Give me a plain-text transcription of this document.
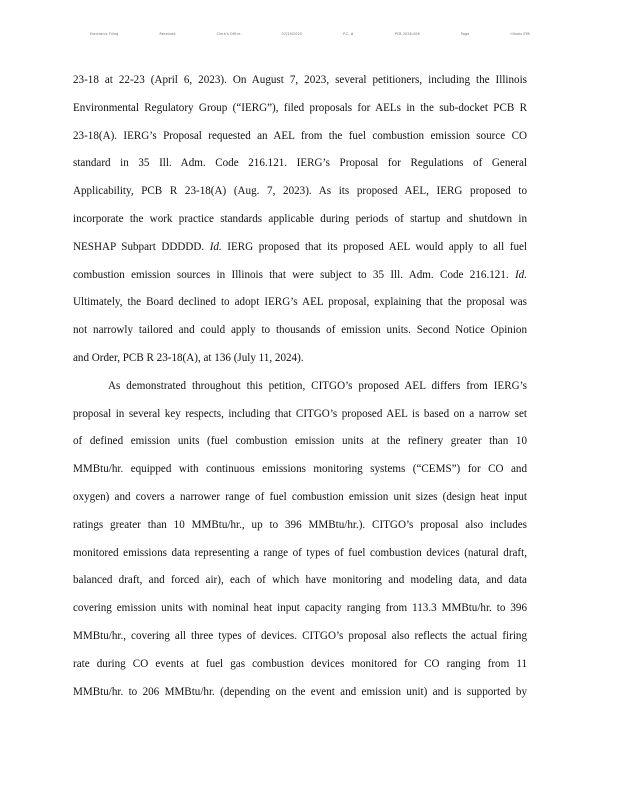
Electronic Filing	Received	Clerk's Office	07/29/2025	P.C. #	PCB 2026-006	Page	Illinois EPA
23-18 at 22-23 (April 6, 2023). On August 7, 2023, several petitioners, including the Illinois
Environmental Regulatory Group (“IERG”), filed proposals for AELs in the sub-docket PCB R
23-18(A). IERG’s Proposal requested an AEL from the fuel combustion emission source CO
standard in 35 Ill. Adm. Code 216.121. IERG’s Proposal for Regulations of General
Applicability, PCB R 23-18(A) (Aug. 7, 2023). As its proposed AEL, IERG proposed to
incorporate the work practice standards applicable during periods of startup and shutdown in
NESHAP Subpart DDDDD. Id. IERG proposed that its proposed AEL would apply to all fuel
combustion emission sources in Illinois that were subject to 35 Ill. Adm. Code 216.121. Id.
Ultimately, the Board declined to adopt IERG’s AEL proposal, explaining that the proposal was
not narrowly tailored and could apply to thousands of emission units. Second Notice Opinion
and Order, PCB R 23-18(A), at 136 (July 11, 2024).
As demonstrated throughout this petition, CITGO’s proposed AEL differs from IERG’s
proposal in several key respects, including that CITGO’s proposed AEL is based on a narrow set
of defined emission units (fuel combustion emission units at the refinery greater than 10
MMBtu/hr. equipped with continuous emissions monitoring systems (“CEMS”) for CO and
oxygen) and covers a narrower range of fuel combustion emission unit sizes (design heat input
ratings greater than 10 MMBtu/hr., up to 396 MMBtu/hr.). CITGO’s proposal also includes
monitored emissions data representing a range of types of fuel combustion devices (natural draft,
balanced draft, and forced air), each of which have monitoring and modeling data, and data
covering emission units with nominal heat input capacity ranging from 113.3 MMBtu/hr. to 396
MMBtu/hr., covering all three types of devices. CITGO’s proposal also reflects the actual firing
rate during CO events at fuel gas combustion devices monitored for CO ranging from 11
MMBtu/hr. to 206 MMBtu/hr. (depending on the event and emission unit) and is supported by
